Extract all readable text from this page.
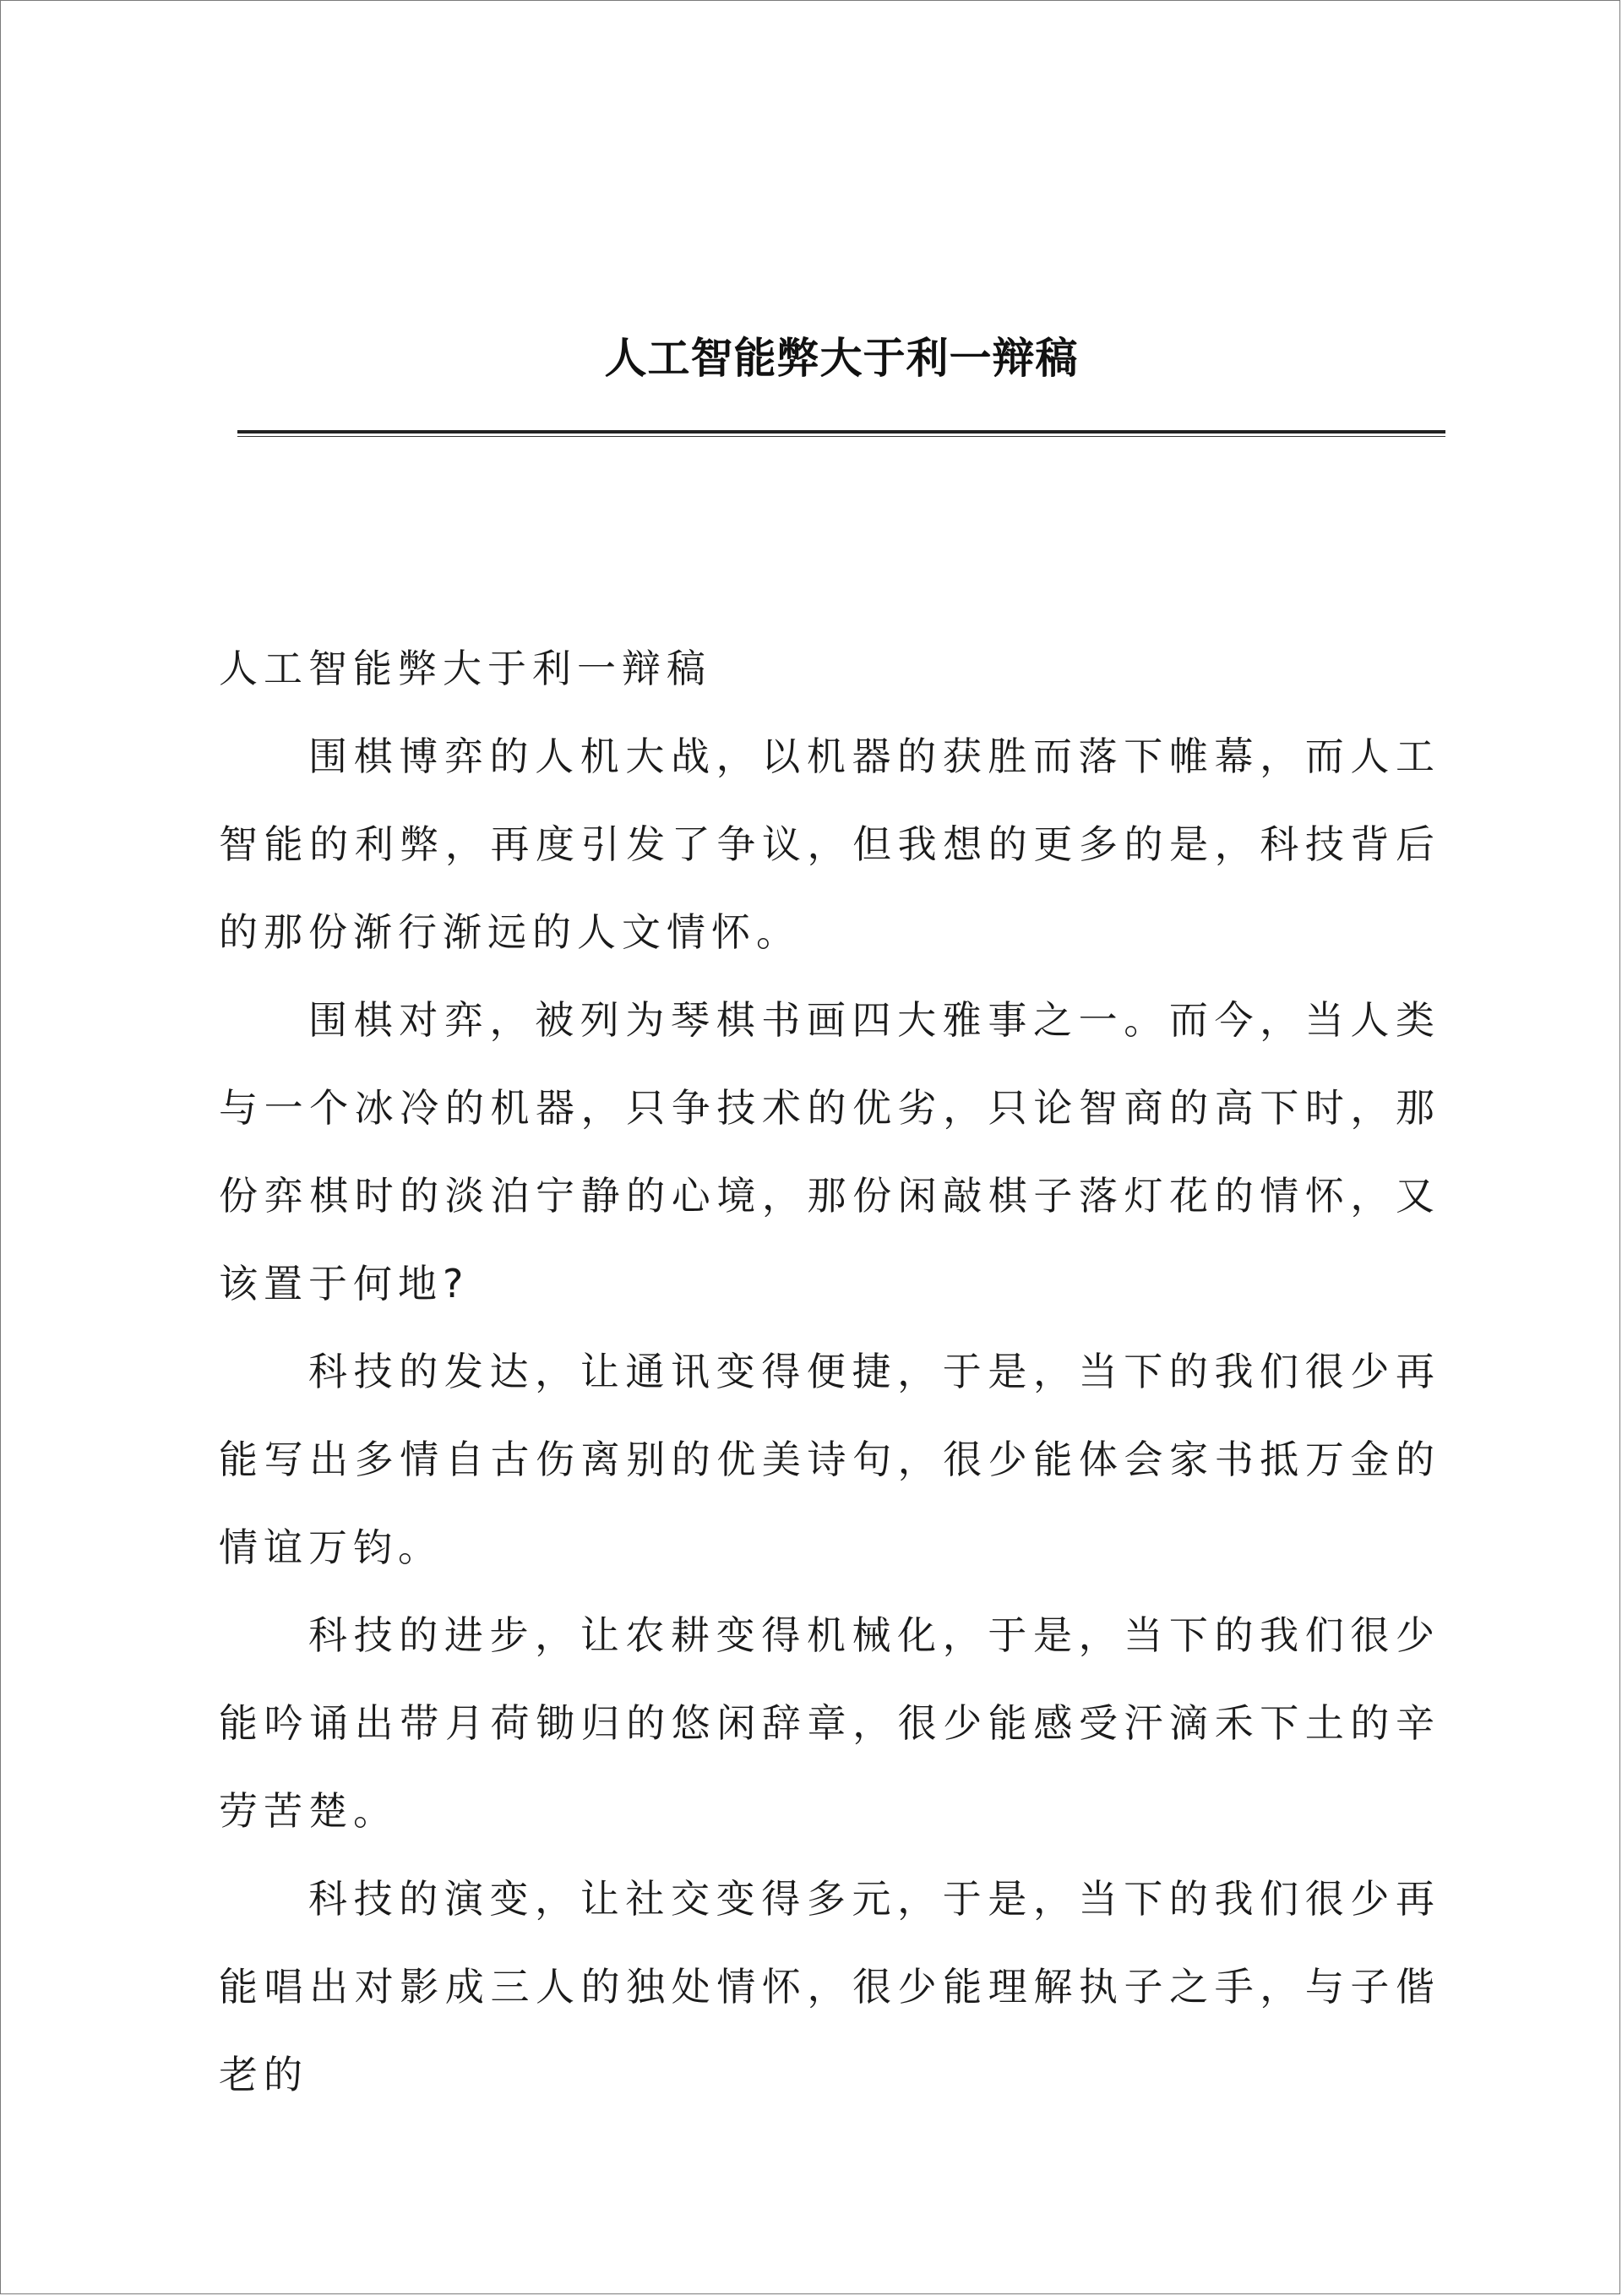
人工智能弊大于利一辩稿
人工智能弊大于利一辩稿

围棋博弈的人机大战，以机器的获胜而落下帷幕，而人工智能的利弊，再度引发了争议，但我想的更多的是，科技背后的那份渐行渐远的人文情怀。

围棋对弈，被列为琴棋书画四大雅事之一。而今，当人类与一个冰冷的机器，只争技术的优劣，只论智商的高下时，那份弈棋时的淡泊宁静的心境，那份闲敲棋子落灯花的情怀，又该置于何地?

科技的发达，让通讯变得便捷，于是，当下的我们很少再能写出多情自古伤离别的优美诗句，很少能体会家书抵万金的情谊万钧。

科技的进步，让农耕变得机械化，于是，当下的我们很少能吟诵出带月荷锄归的悠闲辞章，很少能感受汗滴禾下土的辛劳苦楚。

科技的演变，让社交变得多元，于是，当下的我们很少再能唱出对影成三人的独处情怀，很少能理解执子之手，与子偕老的
